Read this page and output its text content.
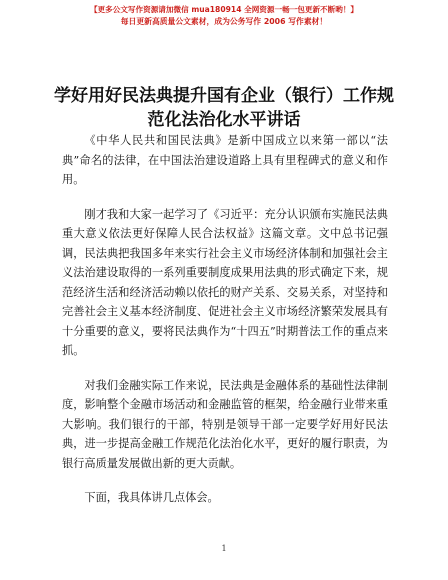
【更多公文写作资源请加微信 mua180914 全网资源一畅一包更新不断哟！】
每日更新高质量公文素材，成为公务写作 2006 写作素材！
学好用好民法典提升国有企业（银行）工作规
范化法治化水平讲话

《中华人民共和国民法典》是新中国成立以来第一部以“法典”命名的法律，在中国法治建设道路上具有里程碑式的意义和作用。

刚才我和大家一起学习了《习近平：充分认识颁布实施民法典重大意义依法更好保障人民合法权益》这篇文章。文中总书记强调，民法典把我国多年来实行社会主义市场经济体制和加强社会主义法治建设取得的一系列重要制度成果用法典的形式确定下来，规范经济生活和经济活动赖以依托的财产关系、交易关系，对坚持和完善社会主义基本经济制度、促进社会主义市场经济繁荣发展具有十分重要的意义，要将民法典作为“十四五”时期普法工作的重点来抓。

对我们金融实际工作来说，民法典是金融体系的基础性法律制度，影响整个金融市场活动和金融监管的框架，给金融行业带来重大影响。我们银行的干部，特别是领导干部一定要学好用好民法典，进一步提高金融工作规范化法治化水平，更好的履行职责，为银行高质量发展做出新的更大贡献。

下面，我具体讲几点体会。

1
